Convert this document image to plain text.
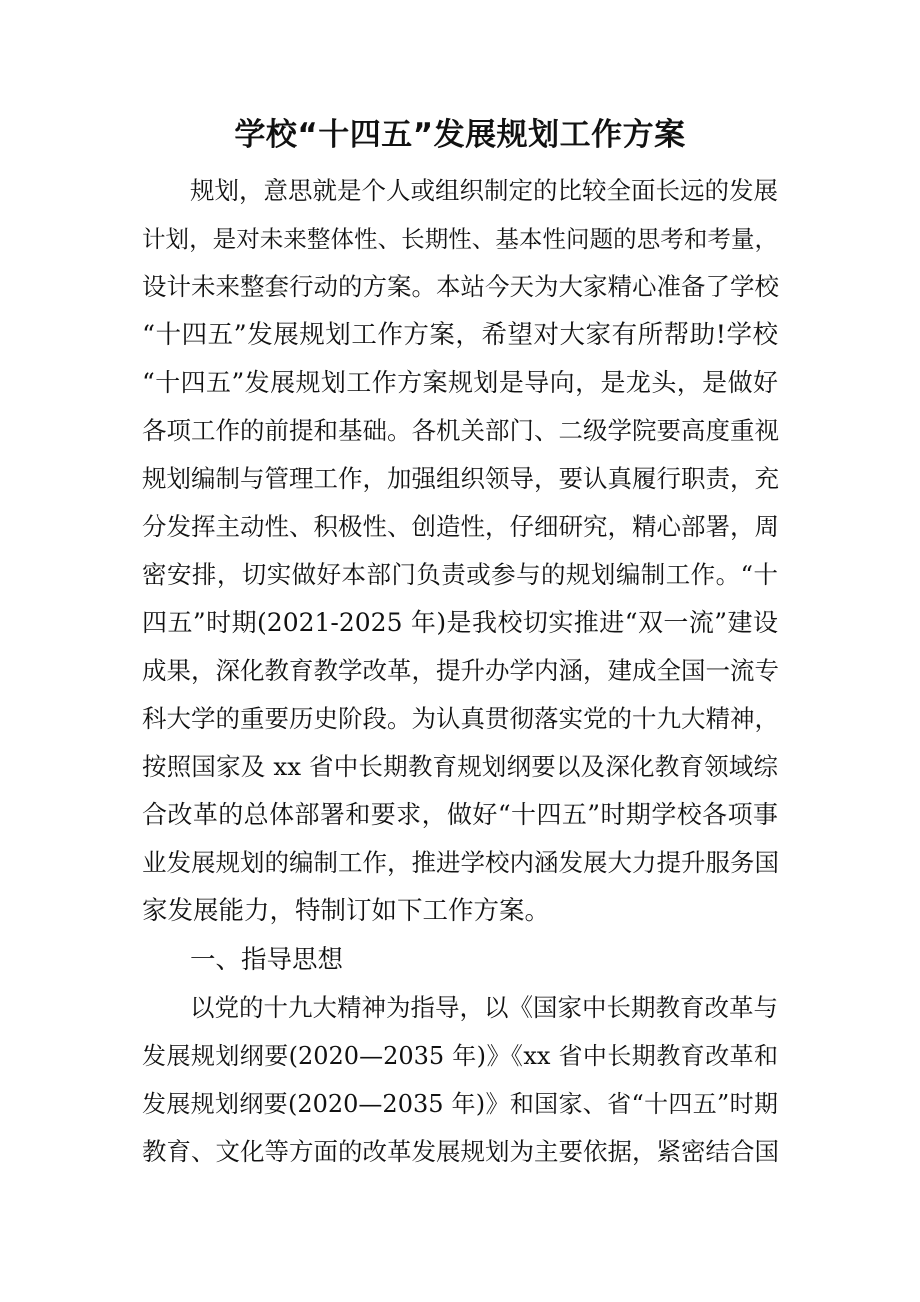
学校“十四五”发展规划工作方案
规划，意思就是个人或组织制定的比较全面长远的发展
计划，是对未来整体性、长期性、基本性问题的思考和考量，
设计未来整套行动的方案。本站今天为大家精心准备了学校
“十四五”发展规划工作方案，希望对大家有所帮助!学校
“十四五”发展规划工作方案规划是导向，是龙头，是做好
各项工作的前提和基础。各机关部门、二级学院要高度重视
规划编制与管理工作，加强组织领导，要认真履行职责，充
分发挥主动性、积极性、创造性，仔细研究，精心部署，周
密安排，切实做好本部门负责或参与的规划编制工作。“十
四五”时期(2021-2025 年)是我校切实推进“双一流”建设
成果，深化教育教学改革，提升办学内涵，建成全国一流专
科大学的重要历史阶段。为认真贯彻落实党的十九大精神，
按照国家及 xx 省中长期教育规划纲要以及深化教育领域综
合改革的总体部署和要求，做好“十四五”时期学校各项事
业发展规划的编制工作，推进学校内涵发展大力提升服务国
家发展能力，特制订如下工作方案。
一、指导思想
以党的十九大精神为指导，以《国家中长期教育改革与
发展规划纲要(2020—2035 年)》《xx 省中长期教育改革和
发展规划纲要(2020—2035 年)》和国家、省“十四五”时期
教育、文化等方面的改革发展规划为主要依据，紧密结合国
